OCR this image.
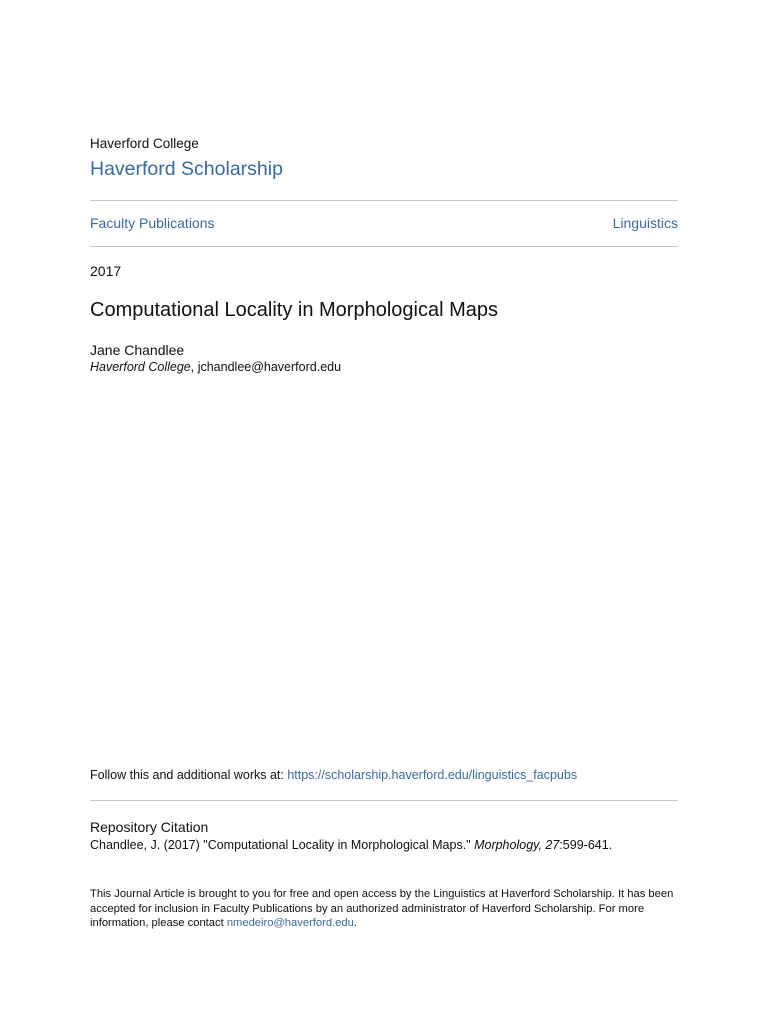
Haverford College
Haverford Scholarship
Faculty Publications	Linguistics
2017
Computational Locality in Morphological Maps
Jane Chandlee
Haverford College, jchandlee@haverford.edu
Follow this and additional works at: https://scholarship.haverford.edu/linguistics_facpubs
Repository Citation
Chandlee, J. (2017) "Computational Locality in Morphological Maps." Morphology, 27:599-641.
This Journal Article is brought to you for free and open access by the Linguistics at Haverford Scholarship. It has been accepted for inclusion in Faculty Publications by an authorized administrator of Haverford Scholarship. For more information, please contact nmedeiro@haverford.edu.
